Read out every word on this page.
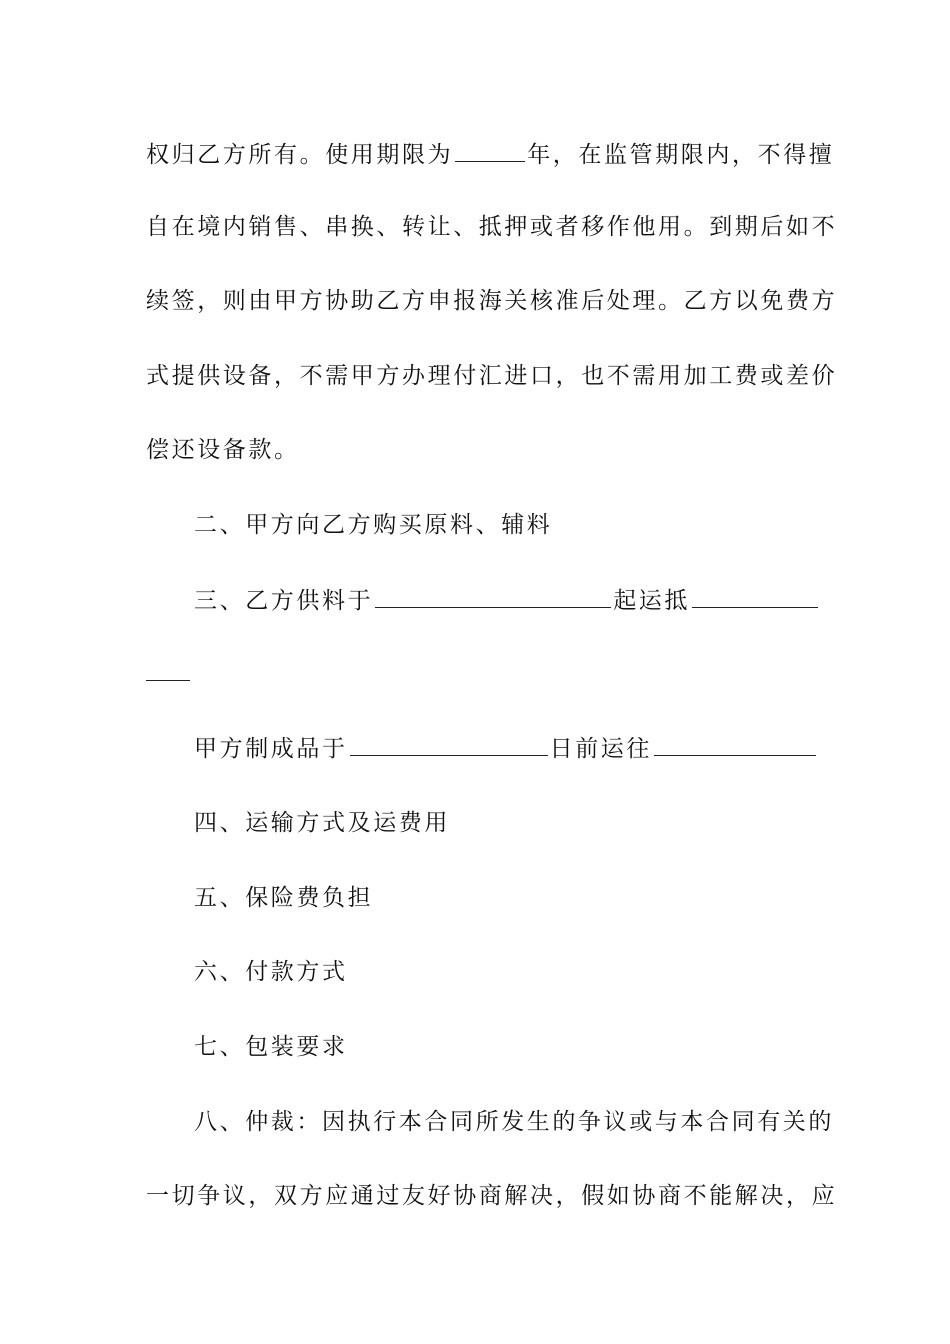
权归乙方所有。使用期限为	年，在监管期限内，不得擅
自在境内销售、串换、转让、抵押或者移作他用。到期后如不
续签，则由甲方协助乙方申报海关核准后处理。乙方以免费方
式提供设备，不需甲方办理付汇进口，也不需用加工费或差价
偿还设备款。
二、甲方向乙方购买原料、辅料
三、乙方供料于	起运抵
甲方制成品于	日前运往
四、运输方式及运费用
五、保险费负担
六、付款方式
七、包装要求
八、仲裁：因执行本合同所发生的争议或与本合同有关的
一切争议，双方应通过友好协商解决，假如协商不能解决，应
